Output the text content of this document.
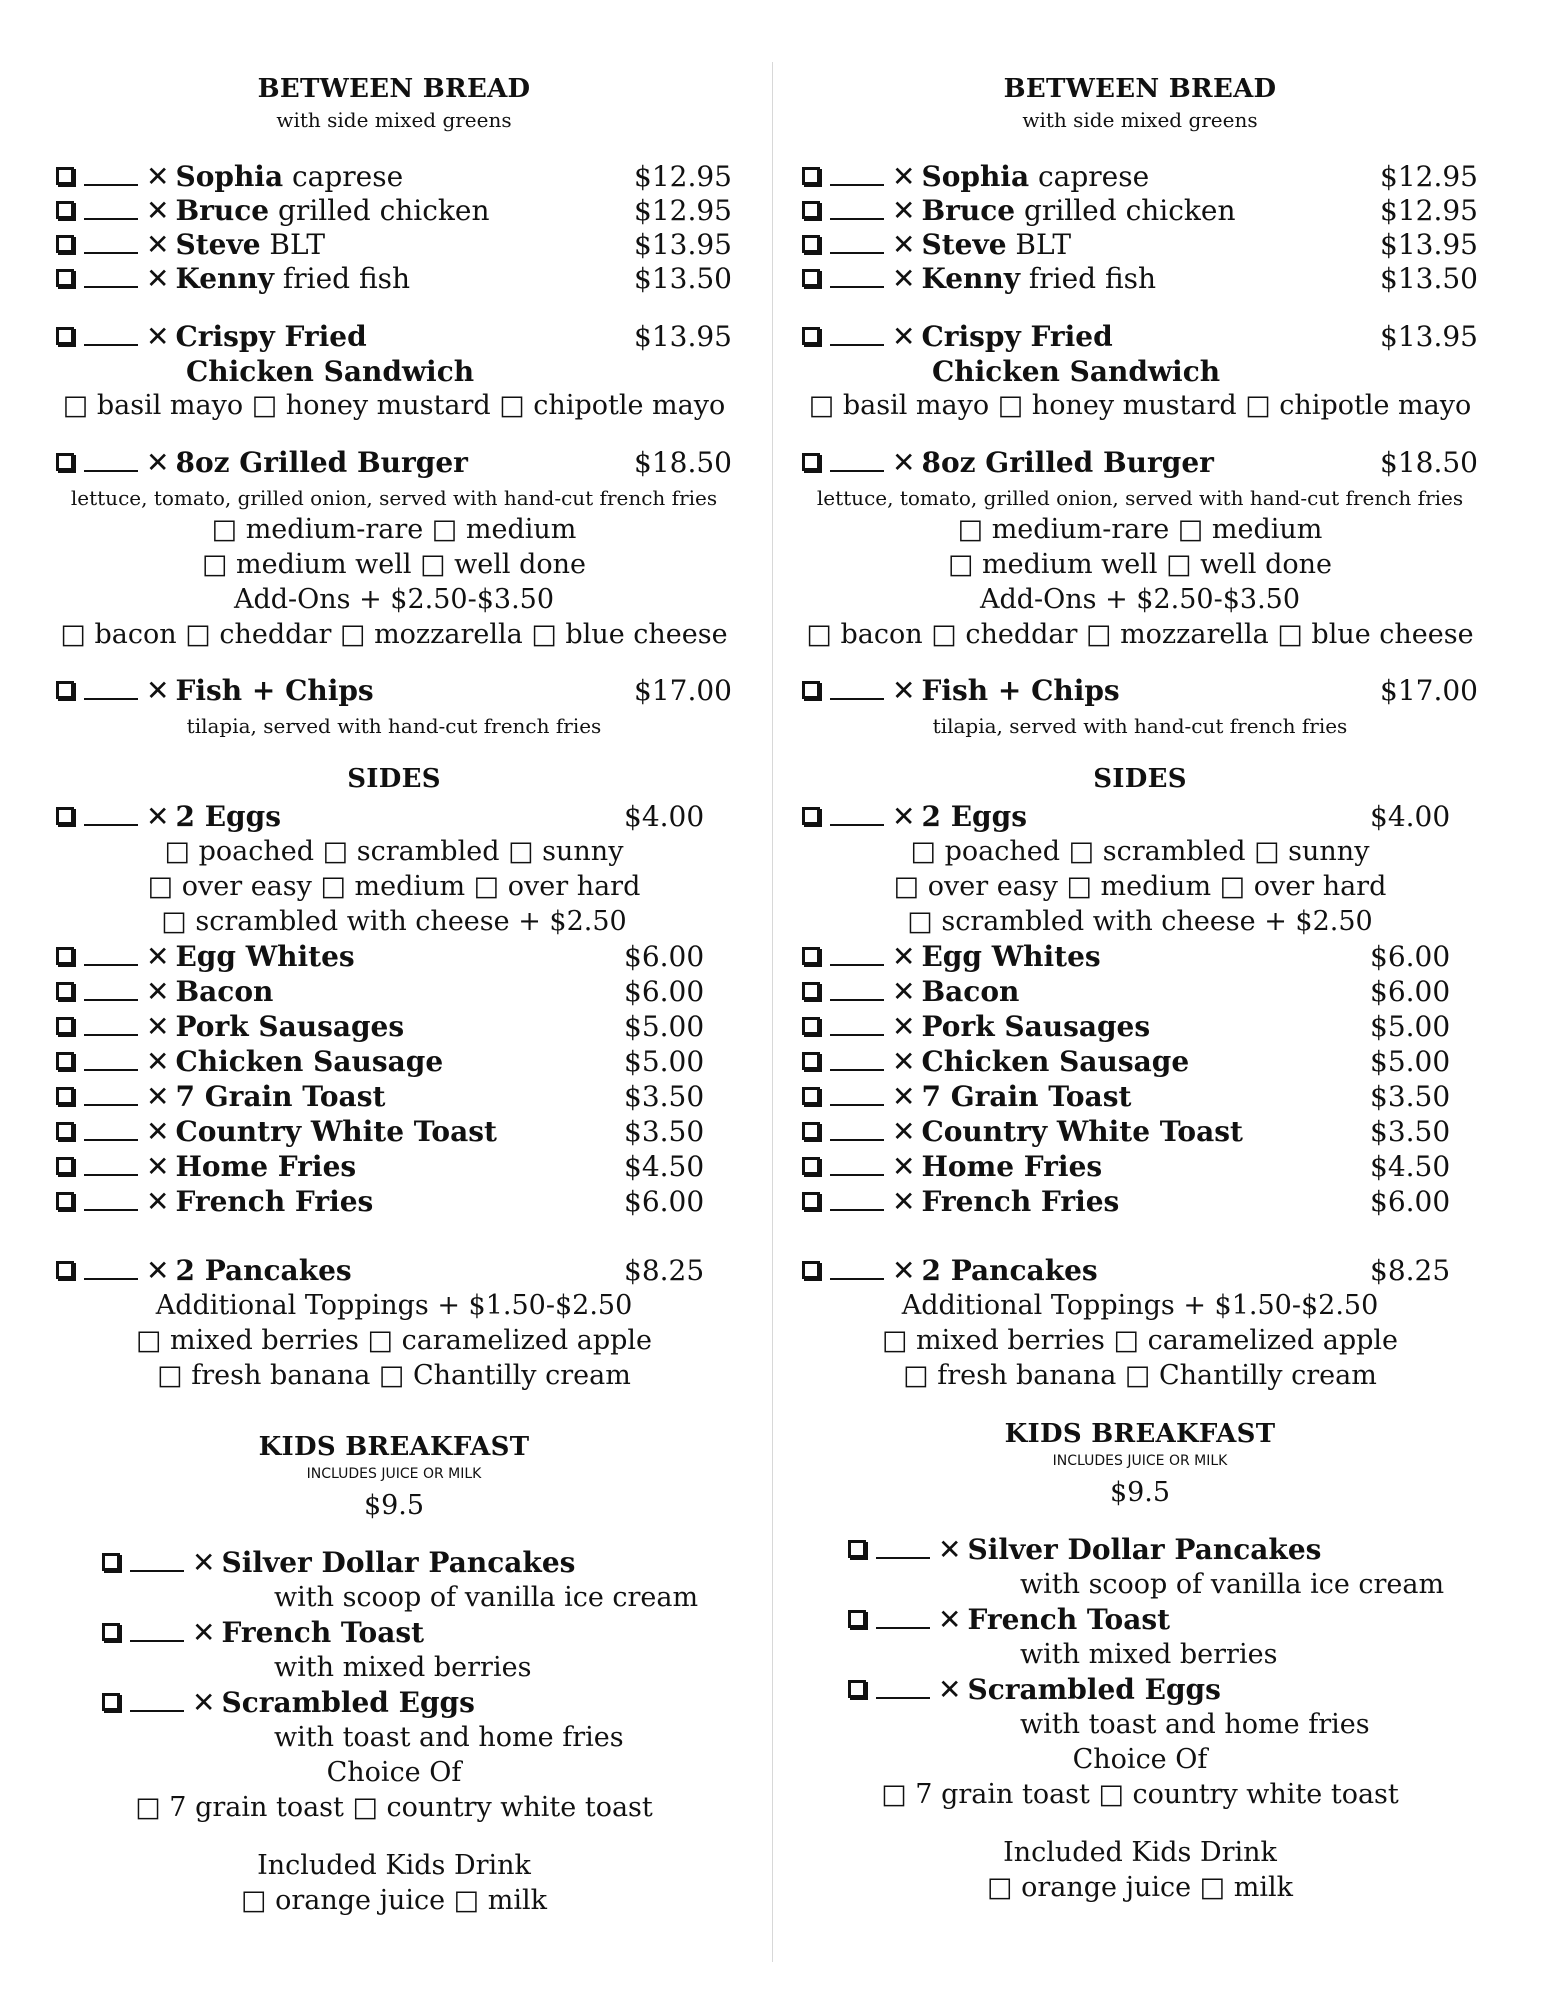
BETWEEN BREAD
with side mixed greens
✕ Sophia caprese	$12.95
✕ Bruce grilled chicken	$12.95
✕ Steve BLT	$13.95
✕ Kenny fried fish	$13.50
✕ Crispy Fried	$13.95
Chicken Sandwich
□ basil mayo □ honey mustard □ chipotle mayo
✕ 8oz Grilled Burger	$18.50
lettuce, tomato, grilled onion, served with hand-cut french fries
□ medium-rare □ medium
□ medium well □ well done
Add-Ons + $2.50-$3.50
□ bacon □ cheddar □ mozzarella □ blue cheese
✕ Fish + Chips	$17.00
tilapia, served with hand-cut french fries
SIDES
✕ 2 Eggs	$4.00
□ poached □ scrambled □ sunny
□ over easy □ medium □ over hard
□ scrambled with cheese + $2.50
✕ Egg Whites	$6.00
✕ Bacon	$6.00
✕ Pork Sausages	$5.00
✕ Chicken Sausage	$5.00
✕ 7 Grain Toast	$3.50
✕ Country White Toast	$3.50
✕ Home Fries	$4.50
✕ French Fries	$6.00
✕ 2 Pancakes	$8.25
Additional Toppings + $1.50-$2.50
□ mixed berries □ caramelized apple
□ fresh banana □ Chantilly cream
KIDS BREAKFAST
INCLUDES JUICE OR MILK
$9.5
✕ Silver Dollar Pancakes
with scoop of vanilla ice cream
✕ French Toast
with mixed berries
✕ Scrambled Eggs
with toast and home fries
Choice Of
□ 7 grain toast □ country white toast
Included Kids Drink
□ orange juice □ milk
BETWEEN BREAD
with side mixed greens
✕ Sophia caprese	$12.95
✕ Bruce grilled chicken	$12.95
✕ Steve BLT	$13.95
✕ Kenny fried fish	$13.50
✕ Crispy Fried	$13.95
Chicken Sandwich
□ basil mayo □ honey mustard □ chipotle mayo
✕ 8oz Grilled Burger	$18.50
lettuce, tomato, grilled onion, served with hand-cut french fries
□ medium-rare □ medium
□ medium well □ well done
Add-Ons + $2.50-$3.50
□ bacon □ cheddar □ mozzarella □ blue cheese
✕ Fish + Chips	$17.00
tilapia, served with hand-cut french fries
SIDES
✕ 2 Eggs	$4.00
□ poached □ scrambled □ sunny
□ over easy □ medium □ over hard
□ scrambled with cheese + $2.50
✕ Egg Whites	$6.00
✕ Bacon	$6.00
✕ Pork Sausages	$5.00
✕ Chicken Sausage	$5.00
✕ 7 Grain Toast	$3.50
✕ Country White Toast	$3.50
✕ Home Fries	$4.50
✕ French Fries	$6.00
✕ 2 Pancakes	$8.25
Additional Toppings + $1.50-$2.50
□ mixed berries □ caramelized apple
□ fresh banana □ Chantilly cream
KIDS BREAKFAST
INCLUDES JUICE OR MILK
$9.5
✕ Silver Dollar Pancakes
with scoop of vanilla ice cream
✕ French Toast
with mixed berries
✕ Scrambled Eggs
with toast and home fries
Choice Of
□ 7 grain toast □ country white toast
Included Kids Drink
□ orange juice □ milk
